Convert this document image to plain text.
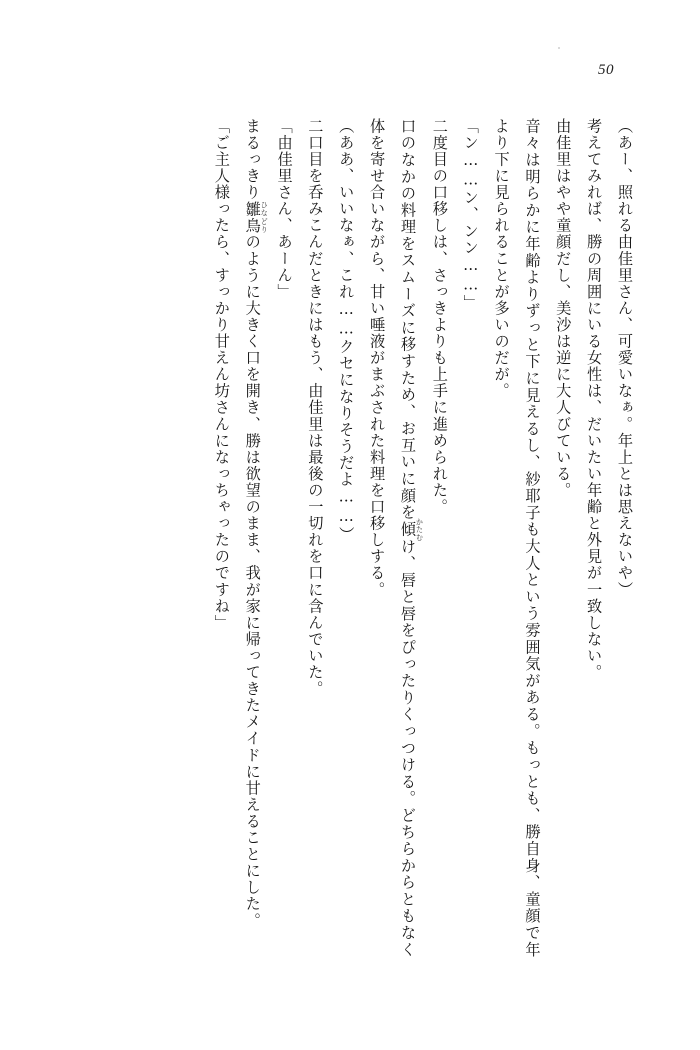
50

（あー、照れる由佳里さん、可愛いなぁ。年上とは思えないや）

考えてみれば、勝の周囲にいる女性は、だいたい年齢と外見が一致しない。

由佳里はやや童顔だし、美沙は逆に大人びている。

音々は明らかに年齢よりずっと下に見えるし、紗耶子も大人という雰囲気がある。もっとも、勝自身、童顔で年より下に見られることが多いのだが。

「ン……ン、ンン……」

二度目の口移しは、さっきよりも上手に進められた。

口のなかの料理をスムーズに移すため、お互いに顔を傾かたむけ、唇と唇をぴったりくっつける。どちらからともなく体を寄せ合いながら、甘い唾液がまぶされた料理を口移しする。

（ああ、いいなぁ、これ……クセになりそうだよ……）

二口目を呑みこんだときにはもう、由佳里は最後の一切れを口に含んでいた。

「由佳里さん、あーん」

まるっきり雛鳥ひなどりのように大きく口を開き、勝は欲望のまま、我が家に帰ってきたメイドに甘えることにした。

「ご主人様ったら、すっかり甘えん坊さんになっちゃったのですね」
